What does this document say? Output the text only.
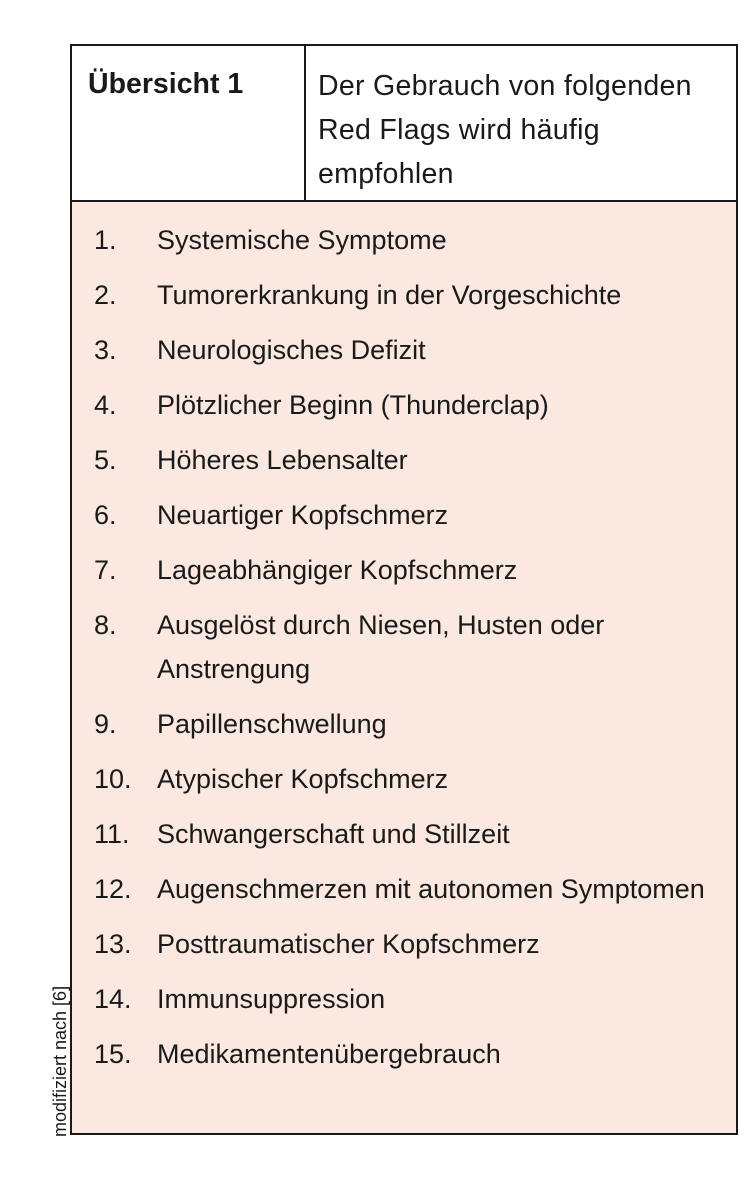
Übersicht 1	Der Gebrauch von folgenden Red Flags wird häufig empfohlen
1.	Systemische Symptome
2.	Tumorerkrankung in der Vorgeschichte
3.	Neurologisches Defizit
4.	Plötzlicher Beginn (Thunderclap)
5.	Höheres Lebensalter
6.	Neuartiger Kopfschmerz
7.	Lageabhängiger Kopfschmerz
8.	Ausgelöst durch Niesen, Husten oder Anstrengung
9.	Papillenschwellung
10. Atypischer Kopfschmerz
11.	Schwangerschaft und Stillzeit
12. Augenschmerzen mit autonomen Symptomen
13. Posttraumatischer Kopfschmerz
14. Immunsuppression
15. Medikamentenübergebrauch
modifiziert nach [6]
